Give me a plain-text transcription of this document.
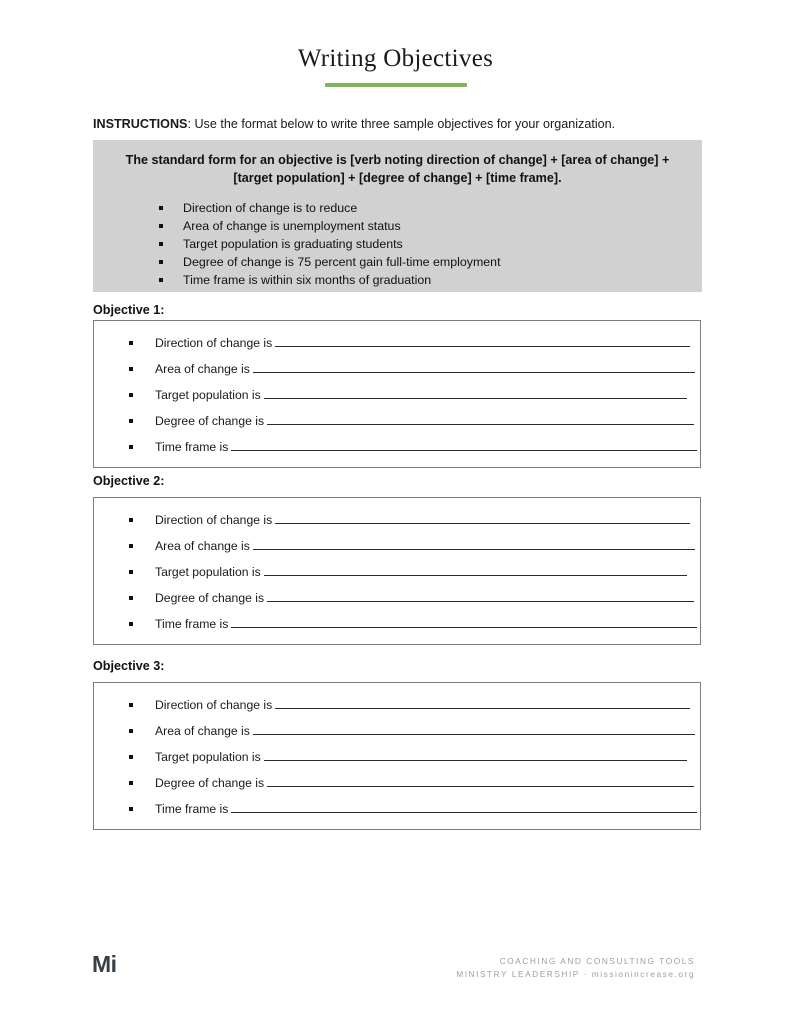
Writing Objectives
INSTRUCTIONS: Use the format below to write three sample objectives for your organization.

The standard form for an objective is [verb noting direction of change] + [area of change] + [target population] + [degree of change] + [time frame].

Direction of change is to reduce
Area of change is unemployment status
Target population is graduating students
Degree of change is 75 percent gain full-time employment
Time frame is within six months of graduation
Objective 1:
Direction of change is
Area of change is
Target population is
Degree of change is
Time frame is
Objective 2:
Direction of change is
Area of change is
Target population is
Degree of change is
Time frame is
Objective 3:
Direction of change is
Area of change is
Target population is
Degree of change is
Time frame is
Mi	COACHING AND CONSULTING TOOLS
MINISTRY LEADERSHIP · missionincrease.org
